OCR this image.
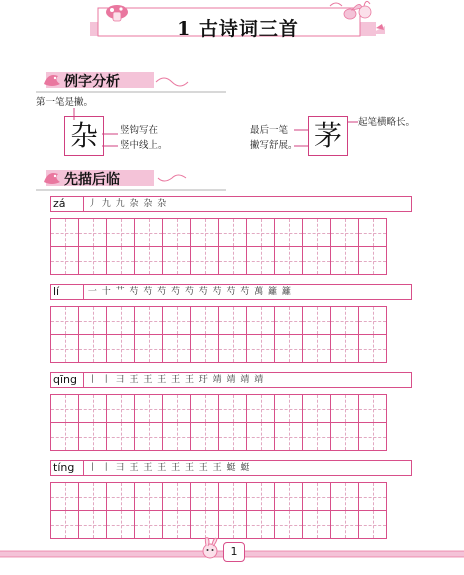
1 古诗词三首
例字分析
第一笔是撇。
杂	竖钩写在
竖中线上。
最后一笔
撇写舒展。 茅	起笔横略长。
先描后临
zá	丿 九 九 杂 杂 杂
lí	一 十 艹 芍 芍 芍 芍 芍 芍 芍 芍 芍 萬 籬 籬
qīng	丨 丨 ⺕ 王 王 王 王 王 玗 靖 靖 靖 靖
tíng	丨 丨 ⺕ 王 王 王 王 王 王 王 蜓 蜓
1
